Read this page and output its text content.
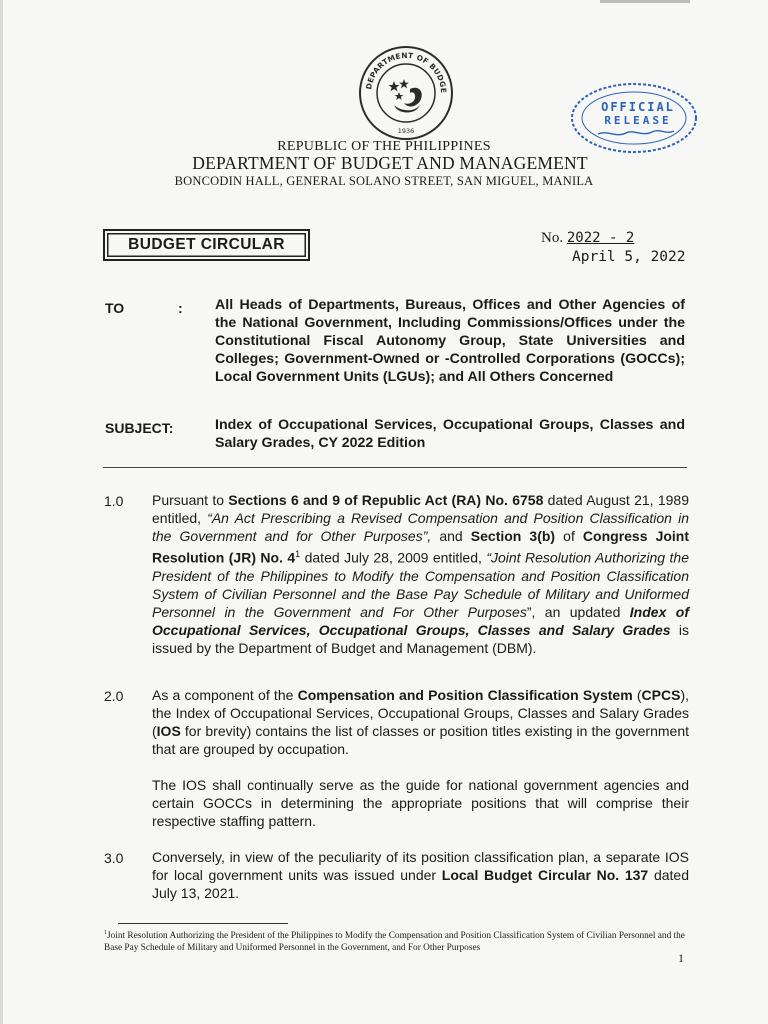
DEPARTMENT OF BUDGE
1936
OFFICIAL
RELEASE
REPUBLIC OF THE PHILIPPINES
DEPARTMENT OF BUDGET AND MANAGEMENT
BONCODIN HALL, GENERAL SOLANO STREET, SAN MIGUEL, MANILA
BUDGET CIRCULAR	No. 2022 - 2
April 5, 2022
TO	: All Heads of Departments, Bureaus, Offices and Other Agencies of the National Government, Including Commissions/Offices under the Constitutional Fiscal Autonomy Group, State Universities and Colleges; Government-Owned or -Controlled Corporations (GOCCs); Local Government Units (LGUs); and All Others Concerned
SUBJECT:	Index of Occupational Services, Occupational Groups, Classes and Salary Grades, CY 2022 Edition
1.0 Pursuant to Sections 6 and 9 of Republic Act (RA) No. 6758 dated August 21, 1989 entitled, “An Act Prescribing a Revised Compensation and Position Classification in the Government and for Other Purposes”, and Section 3(b) of Congress Joint Resolution (JR) No. $4^1$ dated July 28, 2009 entitled, “Joint Resolution Authorizing the President of the Philippines to Modify the Compensation and Position Classification System of Civilian Personnel and the Base Pay Schedule of Military and Uniformed Personnel in the Government and For Other Purposes”, an updated Index of Occupational Services, Occupational Groups, Classes and Salary Grades is issued by the Department of Budget and Management (DBM).
2.0 As a component of the Compensation and Position Classification System (CPCS), the Index of Occupational Services, Occupational Groups, Classes and Salary Grades (IOS for brevity) contains the list of classes or position titles existing in the government that are grouped by occupation.
The IOS shall continually serve as the guide for national government agencies and certain GOCCs in determining the appropriate positions that will comprise their respective staffing pattern.
3.0 Conversely, in view of the peculiarity of its position classification plan, a separate IOS for local government units was issued under Local Budget Circular No. 137 dated July 13, 2021.
$^1$Joint Resolution Authorizing the President of the Philippines to Modify the Compensation and Position Classification System of Civilian Personnel and the Base Pay Schedule of Military and Uniformed Personnel in the Government, and For Other Purposes
1
